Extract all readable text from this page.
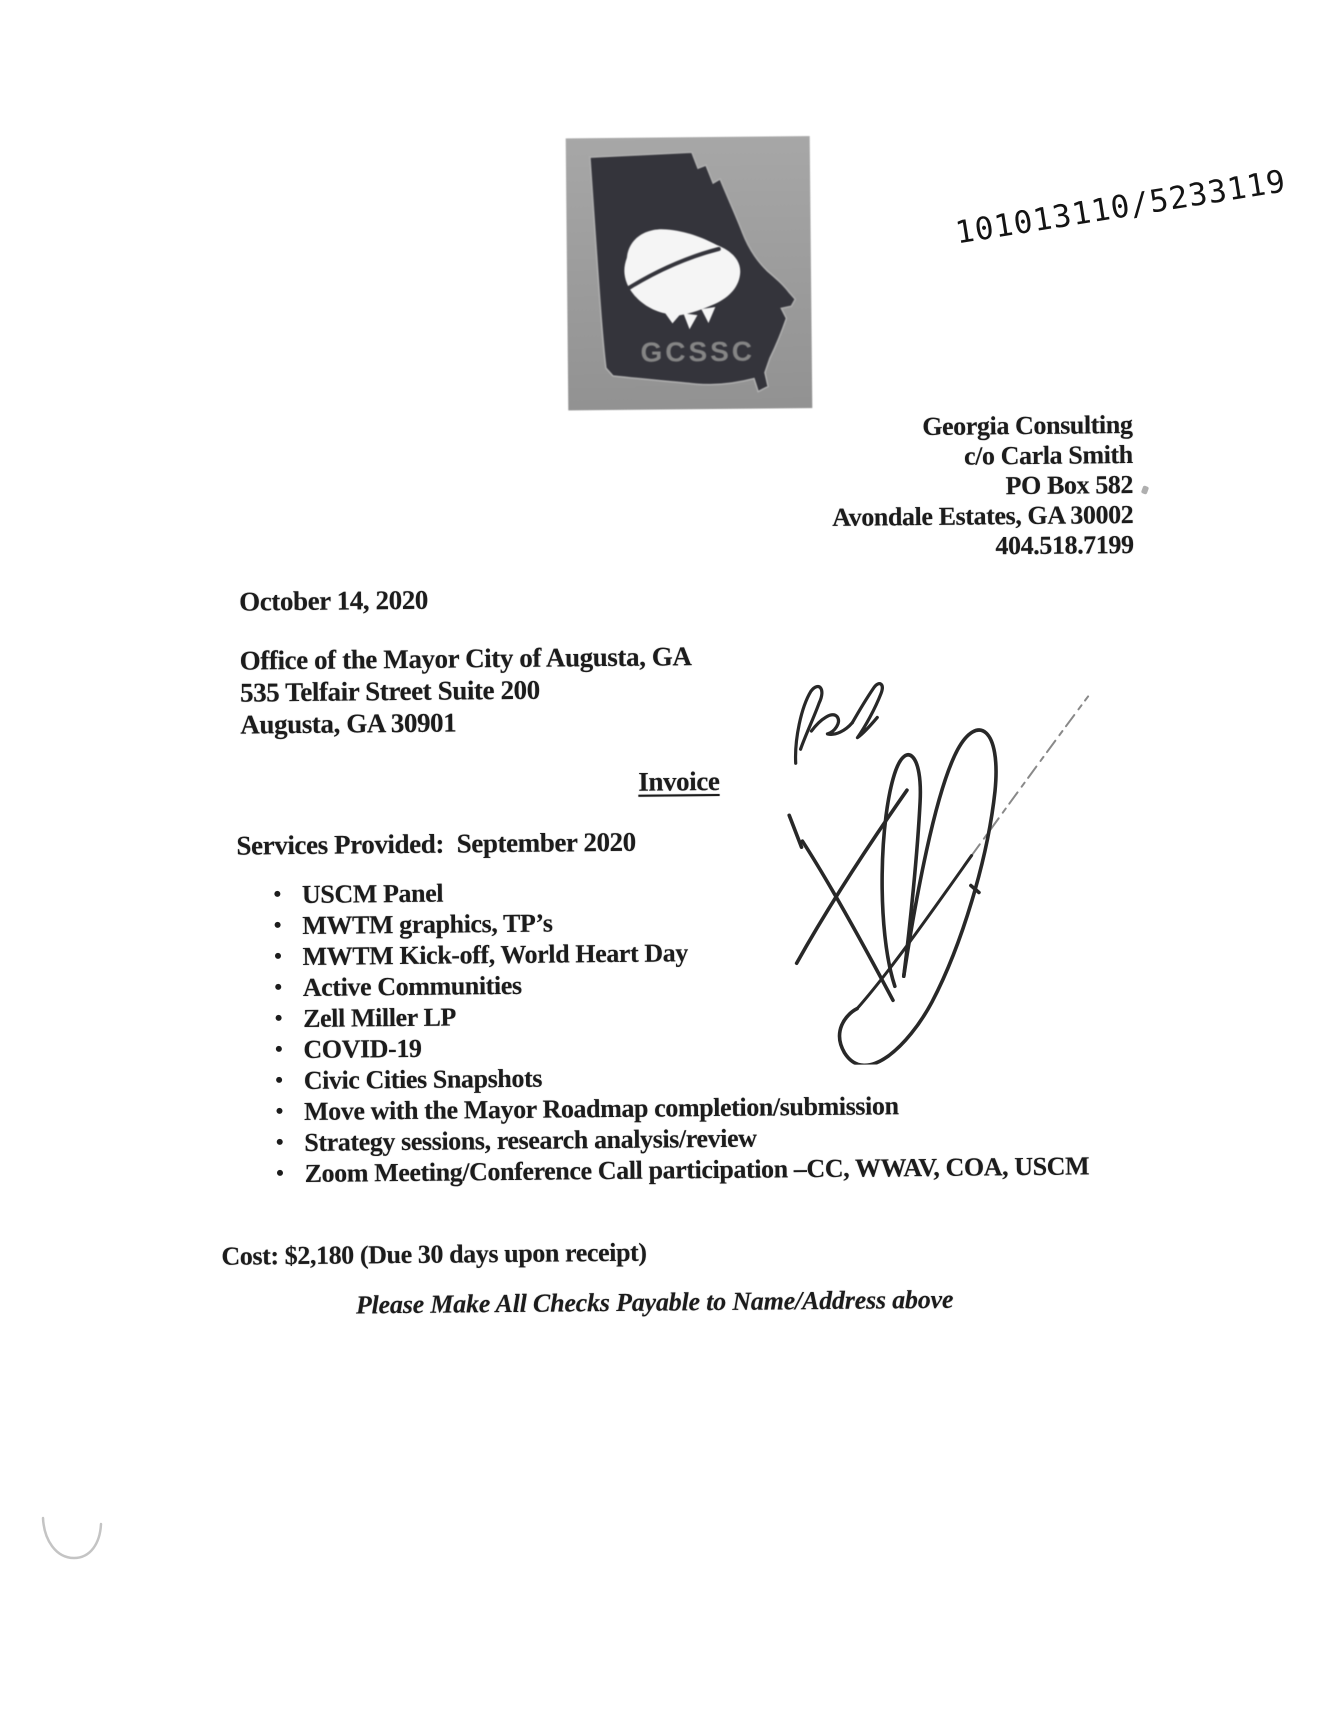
GCSSC
101013110/5233119
Georgia Consulting
c/o Carla Smith
PO Box 582
Avondale Estates, GA 30002
404.518.7199
October 14, 2020
Office of the Mayor City of Augusta, GA
535 Telfair Street Suite 200
Augusta, GA 30901
Invoice
Services Provided:  September 2020
• USCM Panel
• MWTM graphics, TP’s
• MWTM Kick-off, World Heart Day
• Active Communities
• Zell Miller LP
• COVID-19
• Civic Cities Snapshots
• Move with the Mayor Roadmap completion/submission
• Strategy sessions, research analysis/review
• Zoom Meeting/Conference Call participation –CC, WWAV, COA, USCM
Cost: $2,180 (Due 30 days upon receipt)
Please Make All Checks Payable to Name/Address above
